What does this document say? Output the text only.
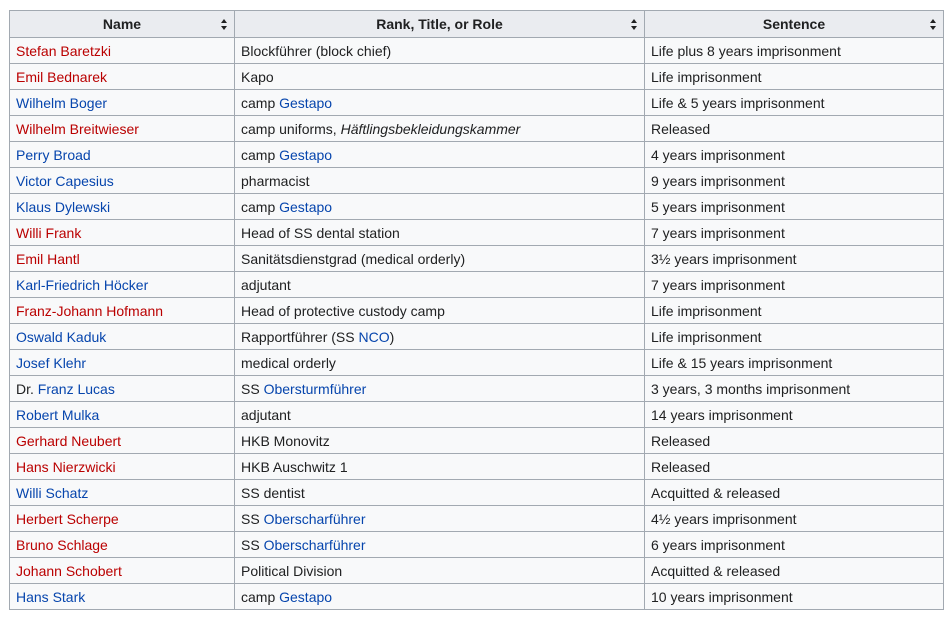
Name	Rank, Title, or Role	Sentence

Stefan Baretzki	Blockführer (block chief)	Life plus 8 years imprisonment
Emil Bednarek	Kapo	Life imprisonment
Wilhelm Boger	camp Gestapo	Life & 5 years imprisonment
Wilhelm Breitwieser	camp uniforms, Häftlingsbekleidungskammer	Released
Perry Broad	camp Gestapo	4 years imprisonment
Victor Capesius	pharmacist	9 years imprisonment
Klaus Dylewski	camp Gestapo	5 years imprisonment
Willi Frank	Head of SS dental station	7 years imprisonment
Emil Hantl	Sanitätsdienstgrad (medical orderly)	3½ years imprisonment
Karl-Friedrich Höcker	adjutant	7 years imprisonment
Franz-Johann Hofmann	Head of protective custody camp	Life imprisonment
Oswald Kaduk	Rapportführer (SS NCO)	Life imprisonment
Josef Klehr	medical orderly	Life & 15 years imprisonment
Dr. Franz Lucas	SS Obersturmführer	3 years, 3 months imprisonment
Robert Mulka	adjutant	14 years imprisonment
Gerhard Neubert	HKB Monovitz	Released
Hans Nierzwicki	HKB Auschwitz 1	Released
Willi Schatz	SS dentist	Acquitted & released
Herbert Scherpe	SS Oberscharführer	4½ years imprisonment
Bruno Schlage	SS Oberscharführer	6 years imprisonment
Johann Schobert	Political Division	Acquitted & released
Hans Stark	camp Gestapo	10 years imprisonment
